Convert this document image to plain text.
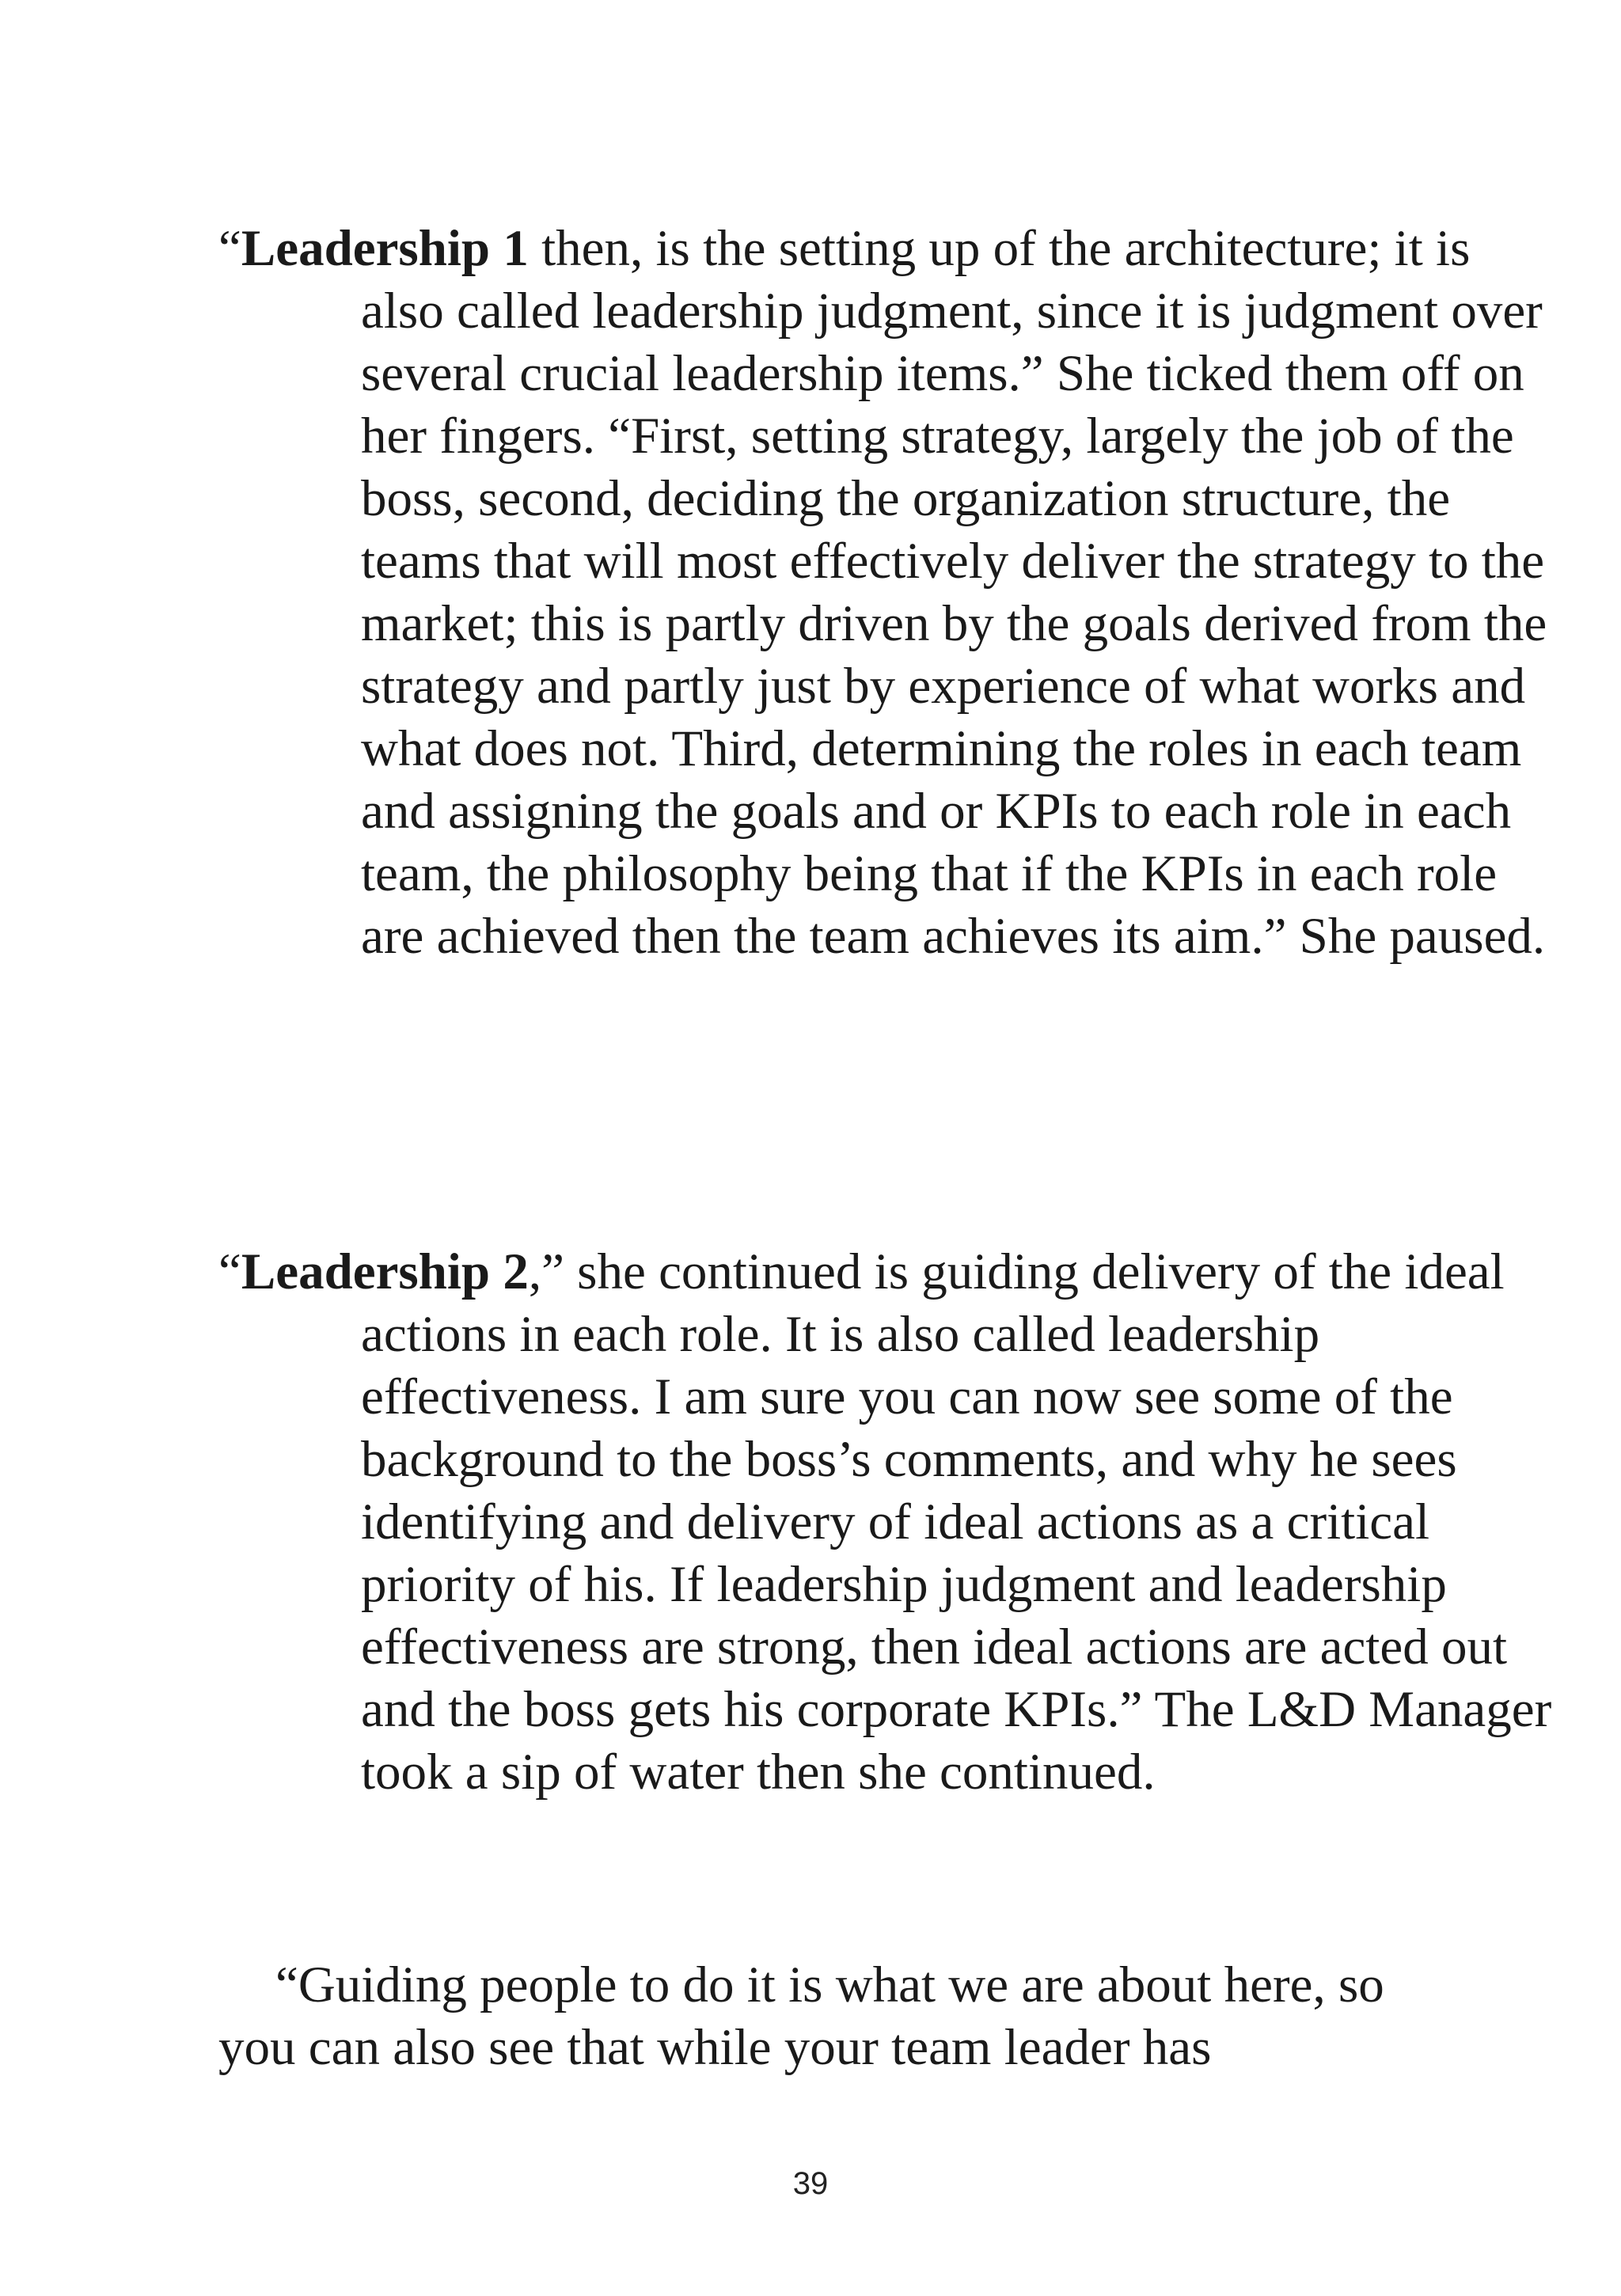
“Leadership 1 then, is the setting up of the architecture; it is also called leadership judgment, since it is judgment over several crucial leadership items.” She ticked them off on her fingers. “First, setting strategy, largely the job of the boss, second, deciding the organization structure, the teams that will most effectively deliver the strategy to the market; this is partly driven by the goals derived from the strategy and partly just by experience of what works and what does not. Third, determining the roles in each team and assigning the goals and or KPIs to each role in each team, the philosophy being that if the KPIs in each role are achieved then the team achieves its aim.” She paused.

“Leadership 2,” she continued is guiding delivery of the ideal actions in each role. It is also called leadership effectiveness. I am sure you can now see some of the background to the boss’s comments, and why he sees identifying and delivery of ideal actions as a critical priority of his. If leadership judgment and leadership effectiveness are strong, then ideal actions are acted out and the boss gets his corporate KPIs.” The L&D Manager took a sip of water then she continued.

“Guiding people to do it is what we are about here, so you can also see that while your team leader has

39
